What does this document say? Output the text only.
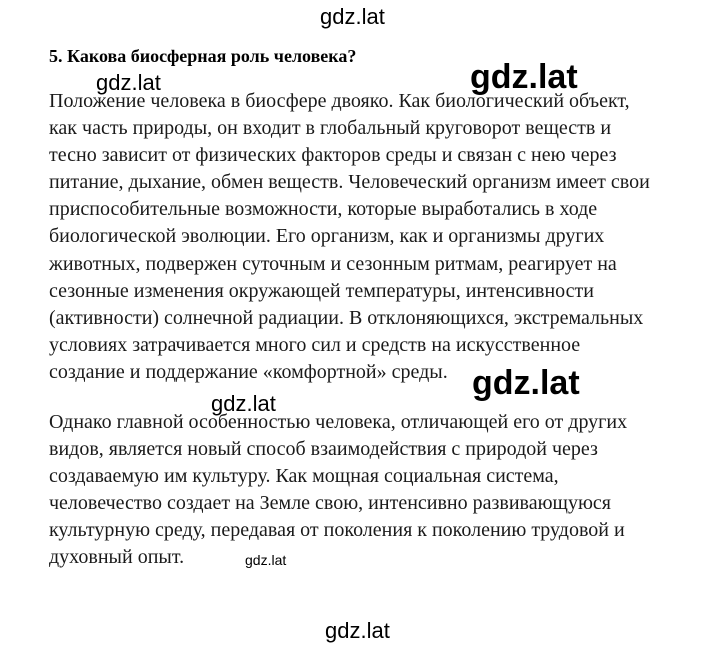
5. Какова биосферная роль человека?
Положение человека в биосфере двояко. Как биологический объект,
как часть природы, он входит в глобальный круговорот веществ и
тесно зависит от физических факторов среды и связан с нею через
питание, дыхание, обмен веществ. Человеческий организм имеет свои
приспособительные возможности, которые выработались в ходе
биологической эволюции. Его организм, как и организмы других
животных, подвержен суточным и сезонным ритмам, реагирует на
сезонные изменения окружающей температуры, интенсивности
(активности) солнечной радиации. В отклоняющихся, экстремальных
условиях затрачивается много сил и средств на искусственное
создание и поддержание «комфортной» среды.
Однако главной особенностью человека, отличающей его от других
видов, является новый способ взаимодействия с природой через
создаваемую им культуру. Как мощная социальная система,
человечество создает на Земле свою, интенсивно развивающуюся
культурную среду, передавая от поколения к поколению трудовой и
духовный опыт.
gdz.lat
gdz.lat	gdz.lat
gdz.lat
gdz.lat
gdz.lat
gdz.lat
